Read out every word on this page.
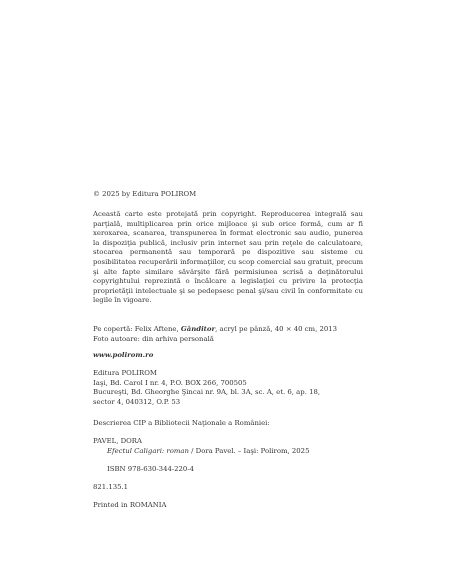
© 2025 by Editura POLIROM
Această carte este protejată prin copyright. Reproducerea integrală sau parţială, multiplicarea prin orice mijloace şi sub orice formă, cum ar fi xeroxarea, scanarea, transpunerea în format electronic sau audio, punerea la dispoziţia publică, inclusiv prin internet sau prin reţele de calculatoare, stocarea permanentă sau temporară pe dispozitive sau sisteme cu posibilitatea recuperării informaţiilor, cu scop comercial sau gratuit, precum şi alte fapte similare săvârşite fără permisiunea scrisă a deţinătorului copyrightului reprezintă o încălcare a legislaţiei cu privire la protecţia proprietăţii intelectuale şi se pedepsesc penal şi/sau civil în conformitate cu legile în vigoare.
Pe copertă: Felix Aftene, Gânditor, acryl pe pânză, 40 × 40 cm, 2013
Foto autoare: din arhiva personală
www.polirom.ro
Editura POLIROM
Iaşi, Bd. Carol I nr. 4, P.O. BOX 266, 700505
Bucureşti, Bd. Gheorghe Şincai nr. 9A, bl. 3A, sc. A, et. 6, ap. 18,
sector 4, 040312, O.P. 53
Descrierea CIP a Bibliotecii Naţionale a României:
PAVEL, DORA
Efectul Caligari: roman / Dora Pavel. – Iaşi: Polirom, 2025
ISBN 978-630-344-220-4
821.135.1
Printed in ROMANIA
